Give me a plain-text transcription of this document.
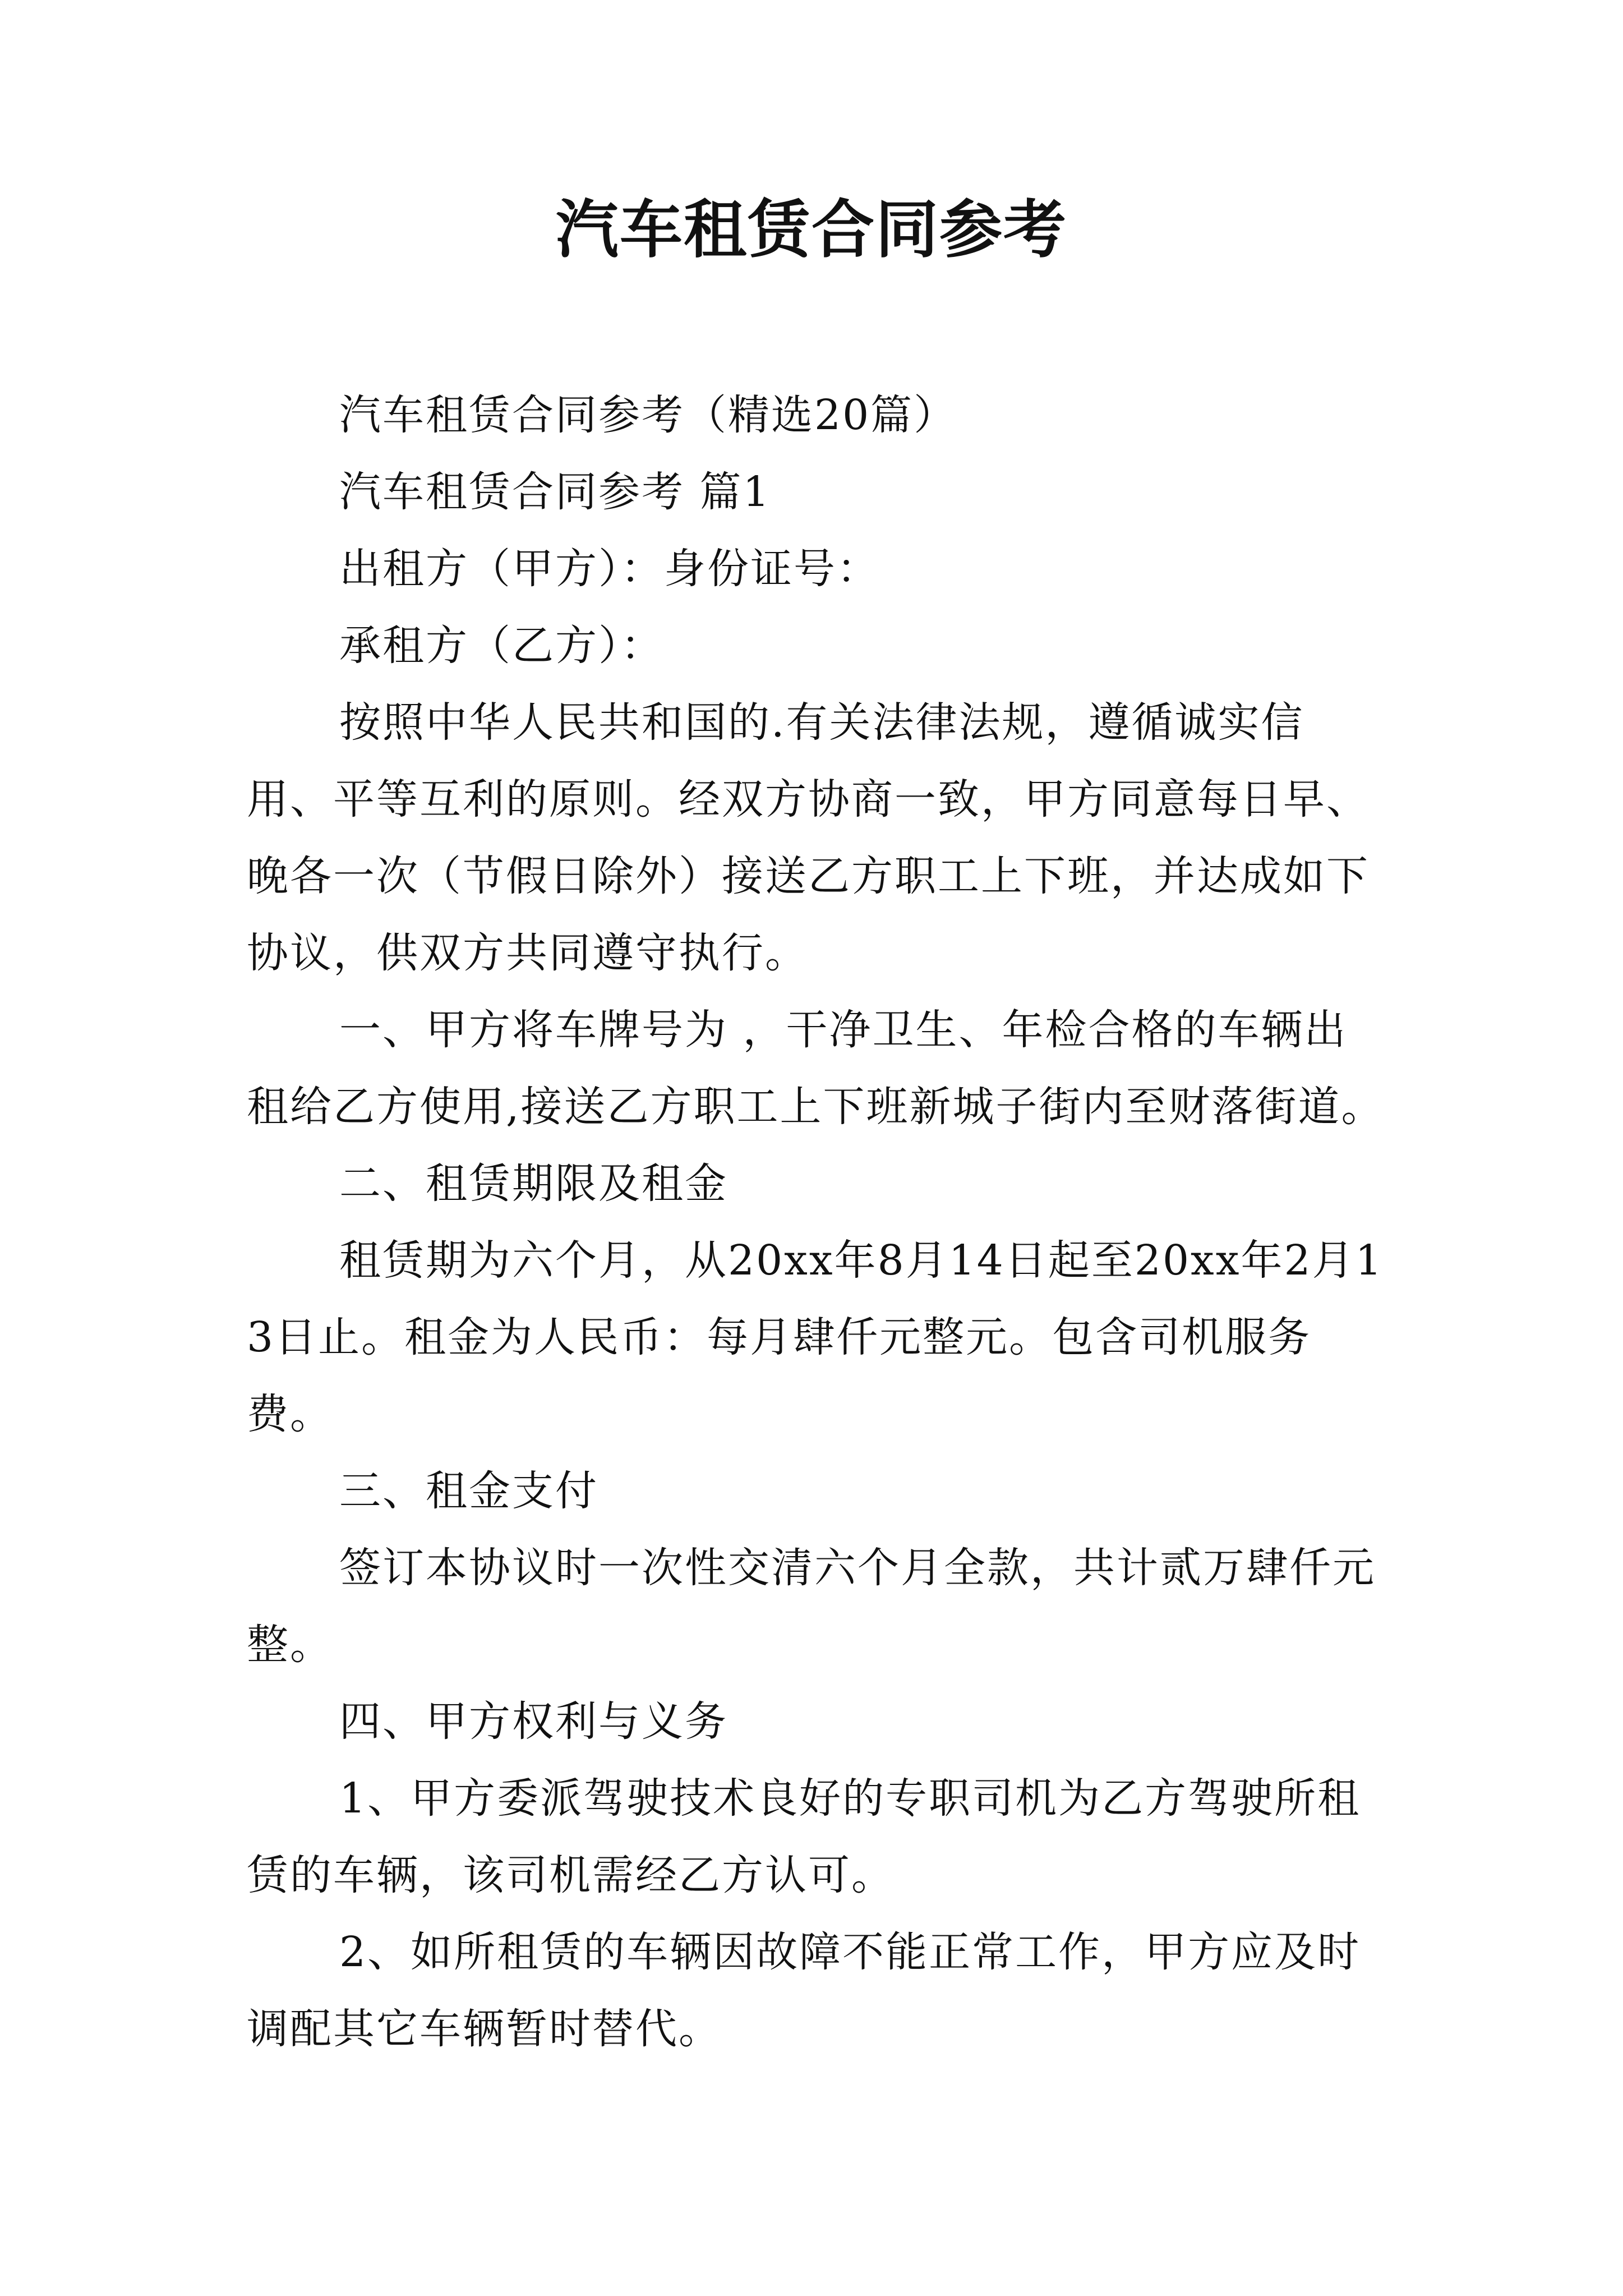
汽车租赁合同参考

汽车租赁合同参考（精选20篇）

汽车租赁合同参考 篇1

出租方（甲方）：身份证号：

承租方（乙方）：

按照中华人民共和国的.有关法律法规，遵循诚实信用、平等互利的原则。经双方协商一致，甲方同意每日早、晚各一次（节假日除外）接送乙方职工上下班，并达成如下协议，供双方共同遵守执行。

一、甲方将车牌号为 ，干净卫生、年检合格的车辆出租给乙方使用,接送乙方职工上下班新城子街内至财落街道。

二、租赁期限及租金

租赁期为六个月，从20xx年8月14日起至20xx年2月13日止。租金为人民币：每月肆仟元整元。包含司机服务费。

三、租金支付

签订本协议时一次性交清六个月全款，共计贰万肆仟元整。

四、甲方权利与义务

1、甲方委派驾驶技术良好的专职司机为乙方驾驶所租赁的车辆，该司机需经乙方认可。

2、如所租赁的车辆因故障不能正常工作，甲方应及时调配其它车辆暂时替代。
